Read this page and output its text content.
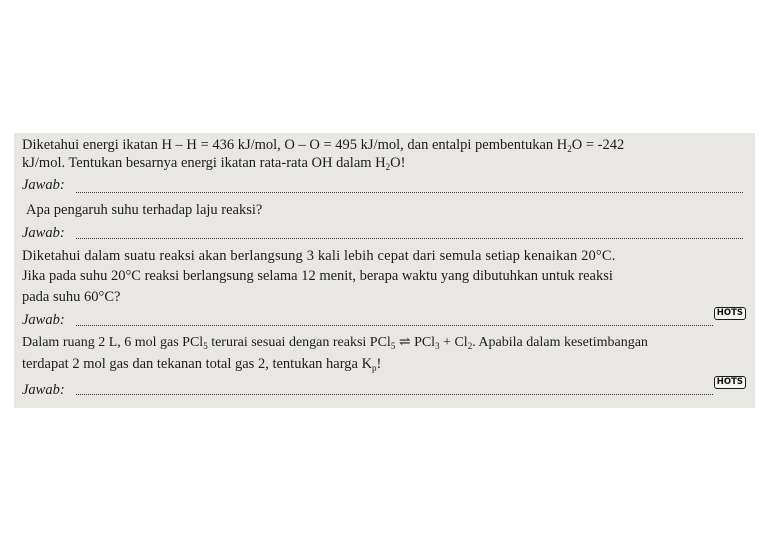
Diketahui energi ikatan H – H = 436 kJ/mol, O – O = 495 kJ/mol, dan entalpi pembentukan $H_2O = -242$
kJ/mol. Tentukan besarnya energi ikatan rata-rata OH dalam $H_2O$!
Jawab:
Apa pengaruh suhu terhadap laju reaksi?
Jawab:
Diketahui dalam suatu reaksi akan berlangsung 3 kali lebih cepat dari semula setiap kenaikan 20°C.
Jika pada suhu 20°C reaksi berlangsung selama 12 menit, berapa waktu yang dibutuhkan untuk reaksi
pada suhu 60°C?
Jawab:	HOTS
Dalam ruang 2 L, 6 mol gas PCl$_5$ terurai sesuai dengan reaksi PCl$_5$ ⇌ $PCl_3 + Cl_2$. Apabila dalam kesetimbangan
terdapat 2 mol gas dan tekanan total gas 2, tentukan harga $K_p$!
Jawab:	HOTS
